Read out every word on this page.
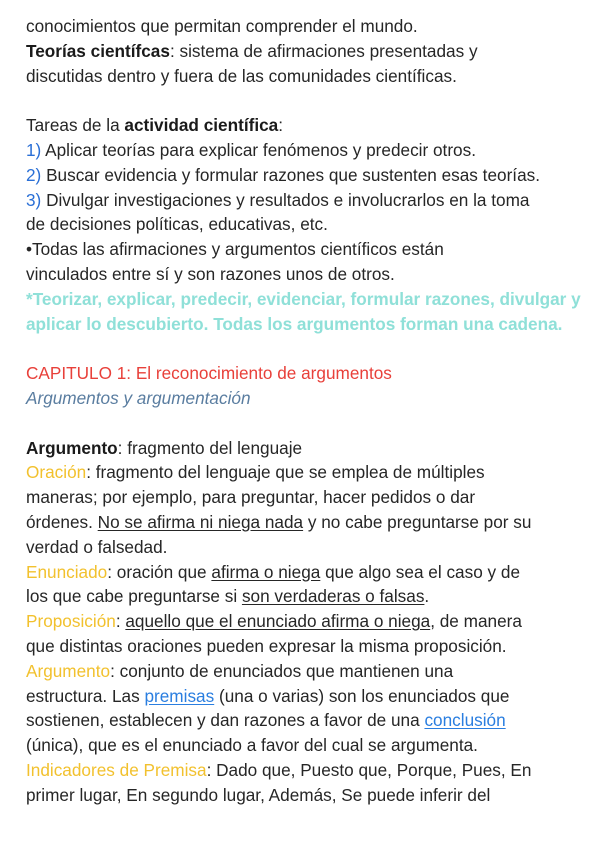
conocimientos que permitan comprender el mundo.
Teorías científcas: sistema de afirmaciones presentadas y
discutidas dentro y fuera de las comunidades científicas.
Tareas de la actividad científica:
1) Aplicar teorías para explicar fenómenos y predecir otros.
2) Buscar evidencia y formular razones que sustenten esas teorías.
3) Divulgar investigaciones y resultados e involucrarlos en la toma
de decisiones políticas, educativas, etc.
•Todas las afirmaciones y argumentos científicos están
vinculados entre sí y son razones unos de otros.
*Teorizar, explicar, predecir, evidenciar, formular razones, divulgar y
aplicar lo descubierto. Todas los argumentos forman una cadena.
CAPITULO 1: El reconocimiento de argumentos
Argumentos y argumentación
Argumento: fragmento del lenguaje
Oración: fragmento del lenguaje que se emplea de múltiples
maneras; por ejemplo, para preguntar, hacer pedidos o dar
órdenes. No se afirma ni niega nada y no cabe preguntarse por su
verdad o falsedad.
Enunciado: oración que afirma o niega que algo sea el caso y de
los que cabe preguntarse si son verdaderas o falsas.
Proposición: aquello que el enunciado afirma o niega, de manera
que distintas oraciones pueden expresar la misma proposición.
Argumento: conjunto de enunciados que mantienen una
estructura. Las premisas (una o varias) son los enunciados que
sostienen, establecen y dan razones a favor de una conclusión
(única), que es el enunciado a favor del cual se argumenta.
Indicadores de Premisa: Dado que, Puesto que, Porque, Pues, En
primer lugar, En segundo lugar, Además, Se puede inferir del
